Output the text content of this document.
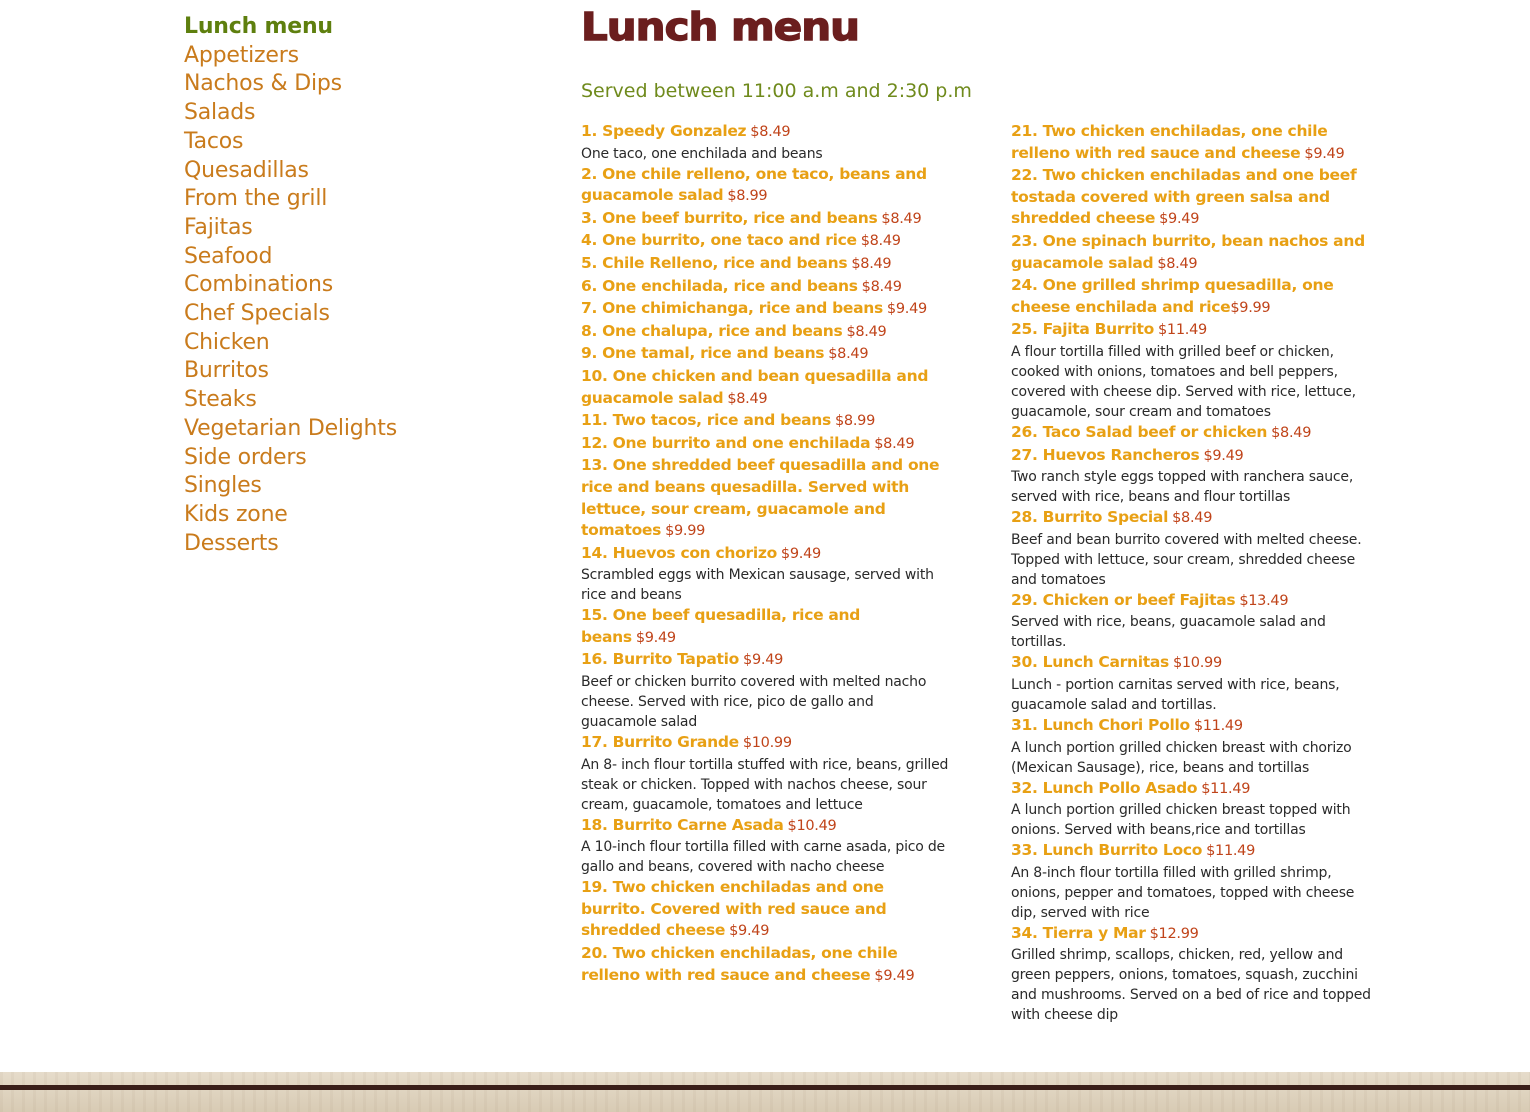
Lunch menu
Appetizers
Nachos & Dips
Salads
Tacos
Quesadillas
From the grill
Fajitas
Seafood
Combinations
Chef Specials
Chicken
Burritos
Steaks
Vegetarian Delights
Side orders
Singles
Kids zone
Desserts
Lunch menu

Served between 11:00 a.m and 2:30 p.m

1. Speedy Gonzalez $8.49
One taco, one enchilada and beans
2. One chile relleno, one taco, beans and guacamole salad $8.99
3. One beef burrito, rice and beans $8.49
4. One burrito, one taco and rice $8.49
5. Chile Relleno, rice and beans $8.49
6. One enchilada, rice and beans $8.49
7. One chimichanga, rice and beans $9.49
8. One chalupa, rice and beans $8.49
9. One tamal, rice and beans $8.49
10. One chicken and bean quesadilla and guacamole salad $8.49
11. Two tacos, rice and beans $8.99
12. One burrito and one enchilada $8.49
13. One shredded beef quesadilla and one rice and beans quesadilla. Served with lettuce, sour cream, guacamole and tomatoes $9.99
14. Huevos con chorizo $9.49
Scrambled eggs with Mexican sausage, served with rice and beans
15. One beef quesadilla, rice and beans $9.49
16. Burrito Tapatio $9.49
Beef or chicken burrito covered with melted nacho cheese. Served with rice, pico de gallo and guacamole salad
17. Burrito Grande $10.99
An 8- inch flour tortilla stuffed with rice, beans, grilled steak or chicken. Topped with nachos cheese, sour cream, guacamole, tomatoes and lettuce
18. Burrito Carne Asada $10.49
A 10-inch flour tortilla filled with carne asada, pico de gallo and beans, covered with nacho cheese
19. Two chicken enchiladas and one burrito. Covered with red sauce and shredded cheese $9.49
20. Two chicken enchiladas, one chile relleno with red sauce and cheese $9.49
21. Two chicken enchiladas, one chile relleno with red sauce and cheese $9.49
22. Two chicken enchiladas and one beef tostada covered with green salsa and shredded cheese $9.49
23. One spinach burrito, bean nachos and guacamole salad $8.49
24. One grilled shrimp quesadilla, one cheese enchilada and rice$9.99
25. Fajita Burrito $11.49
A flour tortilla filled with grilled beef or chicken, cooked with onions, tomatoes and bell peppers, covered with cheese dip. Served with rice, lettuce, guacamole, sour cream and tomatoes
26. Taco Salad beef or chicken $8.49
27. Huevos Rancheros $9.49
Two ranch style eggs topped with ranchera sauce, served with rice, beans and flour tortillas
28. Burrito Special $8.49
Beef and bean burrito covered with melted cheese. Topped with lettuce, sour cream, shredded cheese and tomatoes
29. Chicken or beef Fajitas $13.49
Served with rice, beans, guacamole salad and tortillas.
30. Lunch Carnitas $10.99
Lunch - portion carnitas served with rice, beans, guacamole salad and tortillas.
31. Lunch Chori Pollo $11.49
A lunch portion grilled chicken breast with chorizo (Mexican Sausage), rice, beans and tortillas
32. Lunch Pollo Asado $11.49
A lunch portion grilled chicken breast topped with onions. Served with beans,rice and tortillas
33. Lunch Burrito Loco $11.49
An 8-inch flour tortilla filled with grilled shrimp, onions, pepper and tomatoes, topped with cheese dip, served with rice
34. Tierra y Mar $12.99
Grilled shrimp, scallops, chicken, red, yellow and green peppers, onions, tomatoes, squash, zucchini and mushrooms. Served on a bed of rice and topped with cheese dip
